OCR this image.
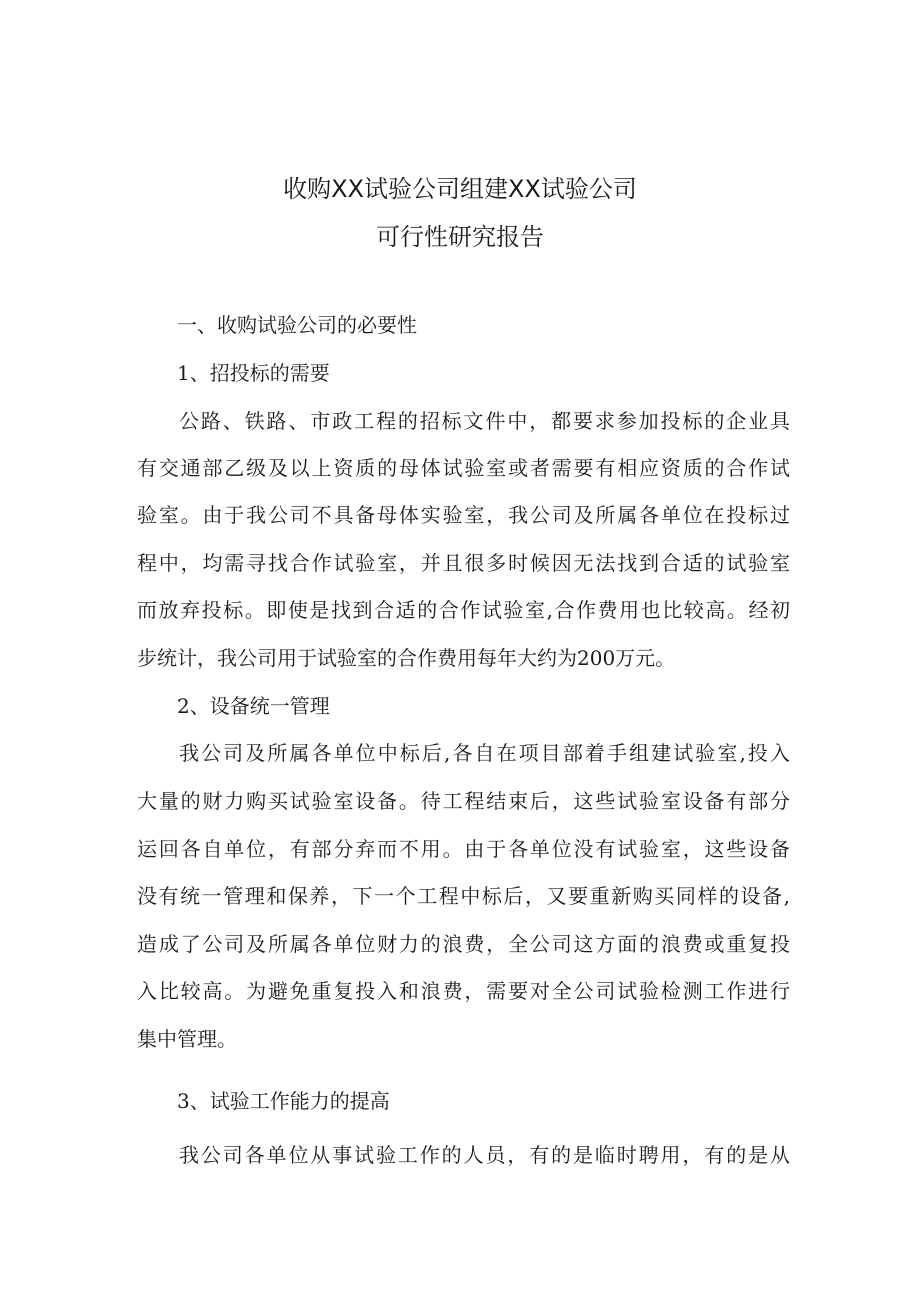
收购XX试验公司组建XX试验公司
可行性研究报告
一、收购试验公司的必要性
1、招投标的需要
公路、铁路、市政工程的招标文件中，都要求参加投标的企业具
有交通部乙级及以上资质的母体试验室或者需要有相应资质的合作试
验室。由于我公司不具备母体实验室，我公司及所属各单位在投标过
程中，均需寻找合作试验室，并且很多时候因无法找到合适的试验室
而放弃投标。即使是找到合适的合作试验室,合作费用也比较高。经初
步统计，我公司用于试验室的合作费用每年大约为200万元。
2、设备统一管理
我公司及所属各单位中标后,各自在项目部着手组建试验室,投入
大量的财力购买试验室设备。待工程结束后，这些试验室设备有部分
运回各自单位，有部分弃而不用。由于各单位没有试验室，这些设备
没有统一管理和保养，下一个工程中标后，又要重新购买同样的设备,
造成了公司及所属各单位财力的浪费，全公司这方面的浪费或重复投
入比较高。为避免重复投入和浪费，需要对全公司试验检测工作进行
集中管理。
3、试验工作能力的提高
我公司各单位从事试验工作的人员，有的是临时聘用，有的是从
